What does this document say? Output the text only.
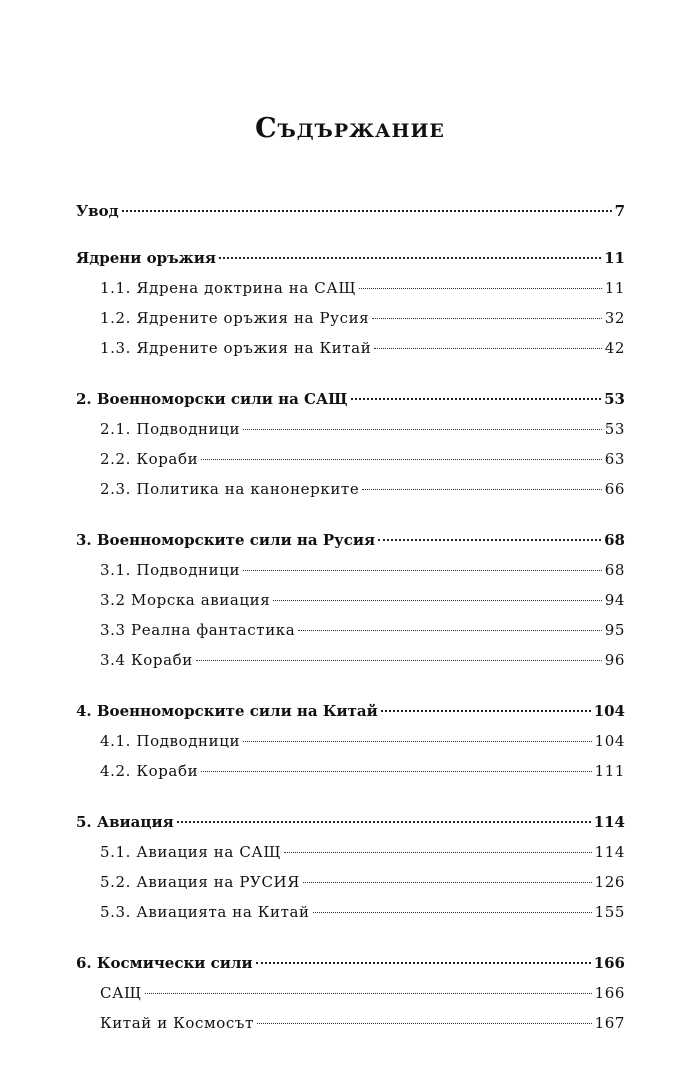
Съдържание
Увод	7
Ядрени оръжия	11
1.1. Ядрена доктрина на САЩ	11
1.2. Ядрените оръжия на Русия	32
1.3. Ядрените оръжия на Китай	42
2. Военноморски сили на САЩ	53
2.1. Подводници	53
2.2. Кораби	63
2.3. Политика на канонерките	66
3. Военноморските сили на Русия	68
3.1. Подводници	68
3.2 Морска авиация	94
3.3 Реална фантастика	95
3.4 Кораби	96
4. Военноморските сили на Китай	104
4.1. Подводници	104
4.2. Кораби	111
5. Авиация	114
5.1. Авиация на САЩ	114
5.2. Авиация на РУСИЯ	126
5.3. Авиацията на Китай	155
6. Космически сили	166
САЩ	166
Китай и Космосът	167
